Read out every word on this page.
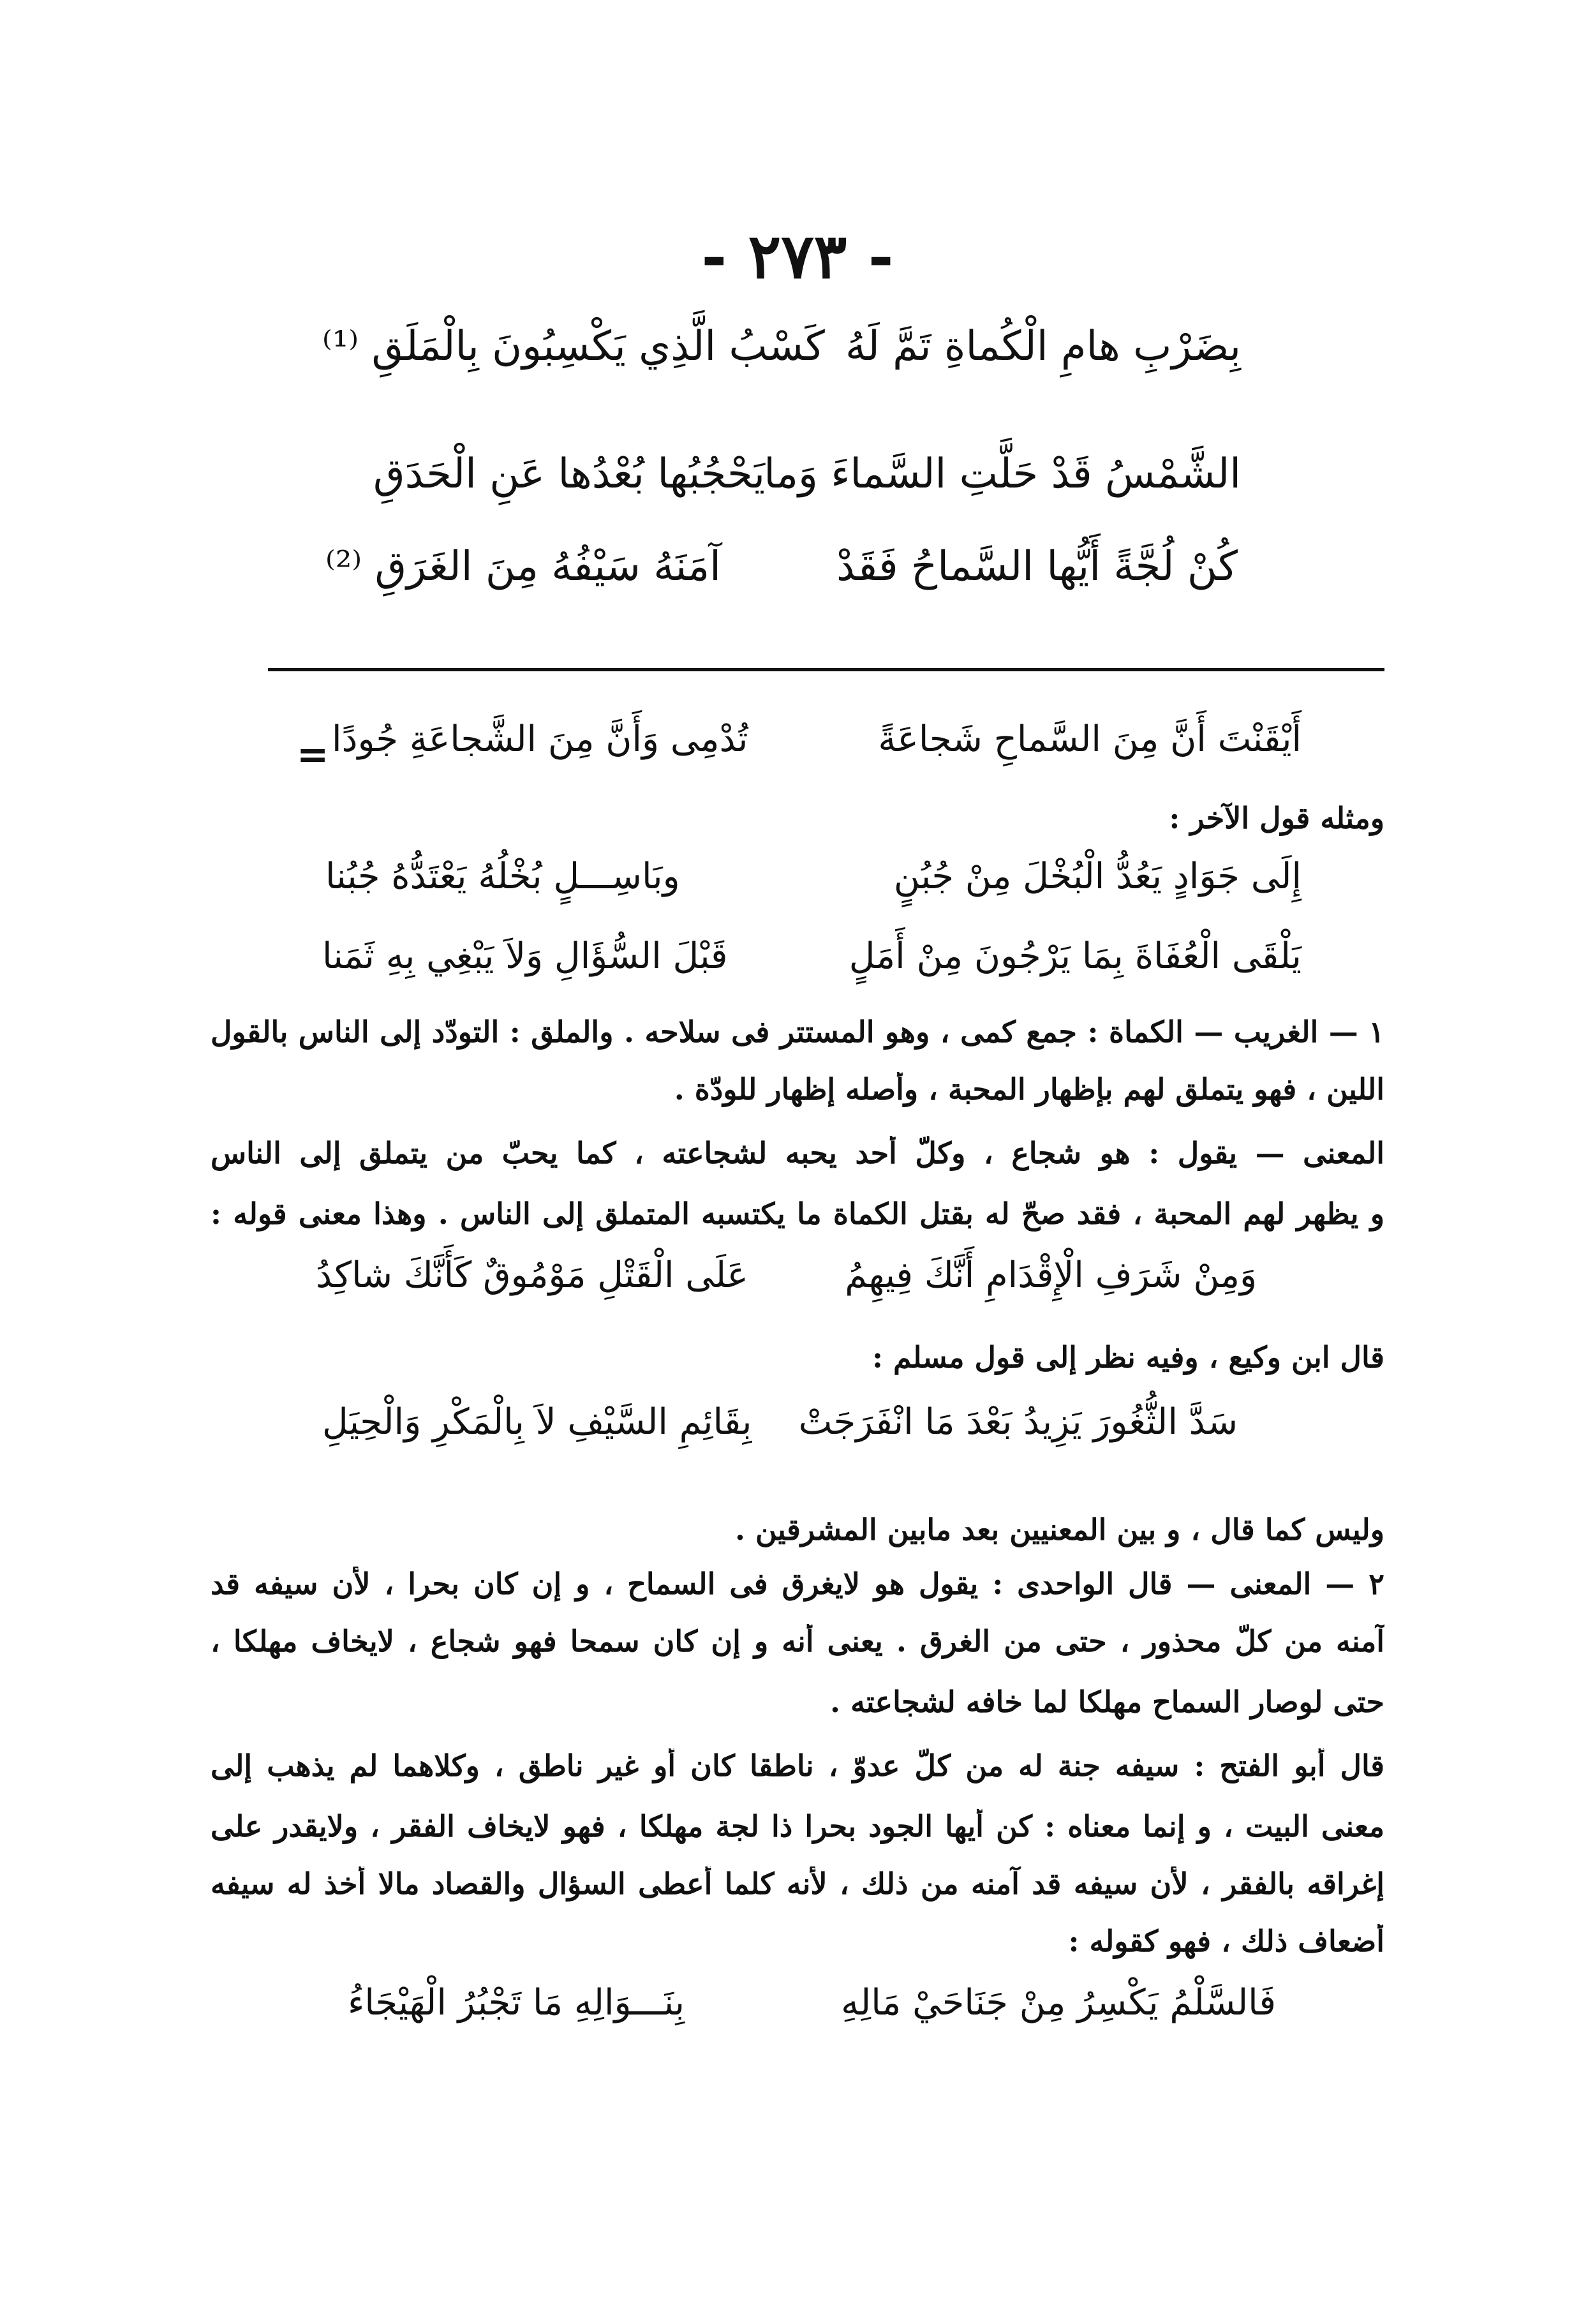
- ٢٧٣ -
بِضَرْبِ هامِ الْكُماةِ تَمَّ لَهُ
كَسْبُ الَّذِي يَكْسِبُونَ بِالْمَلَقِ ⁽¹⁾
الشَّمْسُ قَدْ حَلَّتِ السَّماءَ وَما
يَحْجُبُها بُعْدُها عَنِ الْحَدَقِ
كُنْ لُجَّةً أَيُّها السَّماحُ فَقَدْ
آمَنَهُ سَيْفُهُ مِنَ الغَرَقِ ⁽²⁾
=	أَيْقَنْتَ أَنَّ مِنَ السَّماحِ شَجاعَةً
تُدْمِى وَأَنَّ مِنَ الشَّجاعَةِ جُودًا
ومثله قول الآخر :
إِلَى جَوَادٍ يَعُدُّ الْبُخْلَ مِنْ جُبُنٍ
وبَاسِـــلٍ بُخْلُهُ يَعْتَدُّهُ جُبُنا
يَلْقَى الْعُفَاةَ بِمَا يَرْجُونَ مِنْ أَمَلٍ
قَبْلَ السُّؤَالِ وَلاَ يَبْغِي بِهِ ثَمَنا
١ — الغريب — الكماة : جمع كمى ، وهو المستتر فى سلاحه . والملق : التودّد إلى الناس بالقول
اللين ، فهو يتملق لهم بإظهار المحبة ، وأصله إظهار للودّة .
المعنى — يقول : هو شجاع ، وكلّ أحد يحبه لشجاعته ، كما يحبّ من يتملق إلى الناس
و يظهر لهم المحبة ، فقد صحّ له بقتل الكماة ما يكتسبه المتملق إلى الناس . وهذا معنى قوله :
وَمِنْ شَرَفِ الْإِقْدَامِ أَنَّكَ فِيهِمُ
عَلَى الْقَتْلِ مَوْمُوقٌ كَأَنَّكَ شاكِدُ
قال ابن وكيع ، وفيه نظر إلى قول مسلم :
سَدَّ الثُّغُورَ يَزِيدُ بَعْدَ مَا انْفَرَجَتْ
بِقَائِمِ السَّيْفِ لاَ بِالْمَكْرِ وَالْحِيَلِ
وليس كما قال ، و بين المعنيين بعد مابين المشرقين .
٢ — المعنى — قال الواحدى : يقول هو لايغرق فى السماح ، و إن كان بحرا ، لأن سيفه قد
آمنه من كلّ محذور ، حتى من الغرق . يعنى أنه و إن كان سمحا فهو شجاع ، لايخاف مهلكا ،
حتى لوصار السماح مهلكا لما خافه لشجاعته .
قال أبو الفتح : سيفه جنة له من كلّ عدوّ ، ناطقا كان أو غير ناطق ، وكلاهما لم يذهب إلى
معنى البيت ، و إنما معناه : كن أيها الجود بحرا ذا لجة مهلكا ، فهو لايخاف الفقر ، ولايقدر على
إغراقه بالفقر ، لأن سيفه قد آمنه من ذلك ، لأنه كلما أعطى السؤال والقصاد مالا أخذ له سيفه
أضعاف ذلك ، فهو كقوله :
فَالسَّلْمُ يَكْسِرُ مِنْ جَنَاحَيْ مَالِهِ
بِنَـــوَالِهِ مَا تَجْبُرُ الْهَيْجَاءُ
